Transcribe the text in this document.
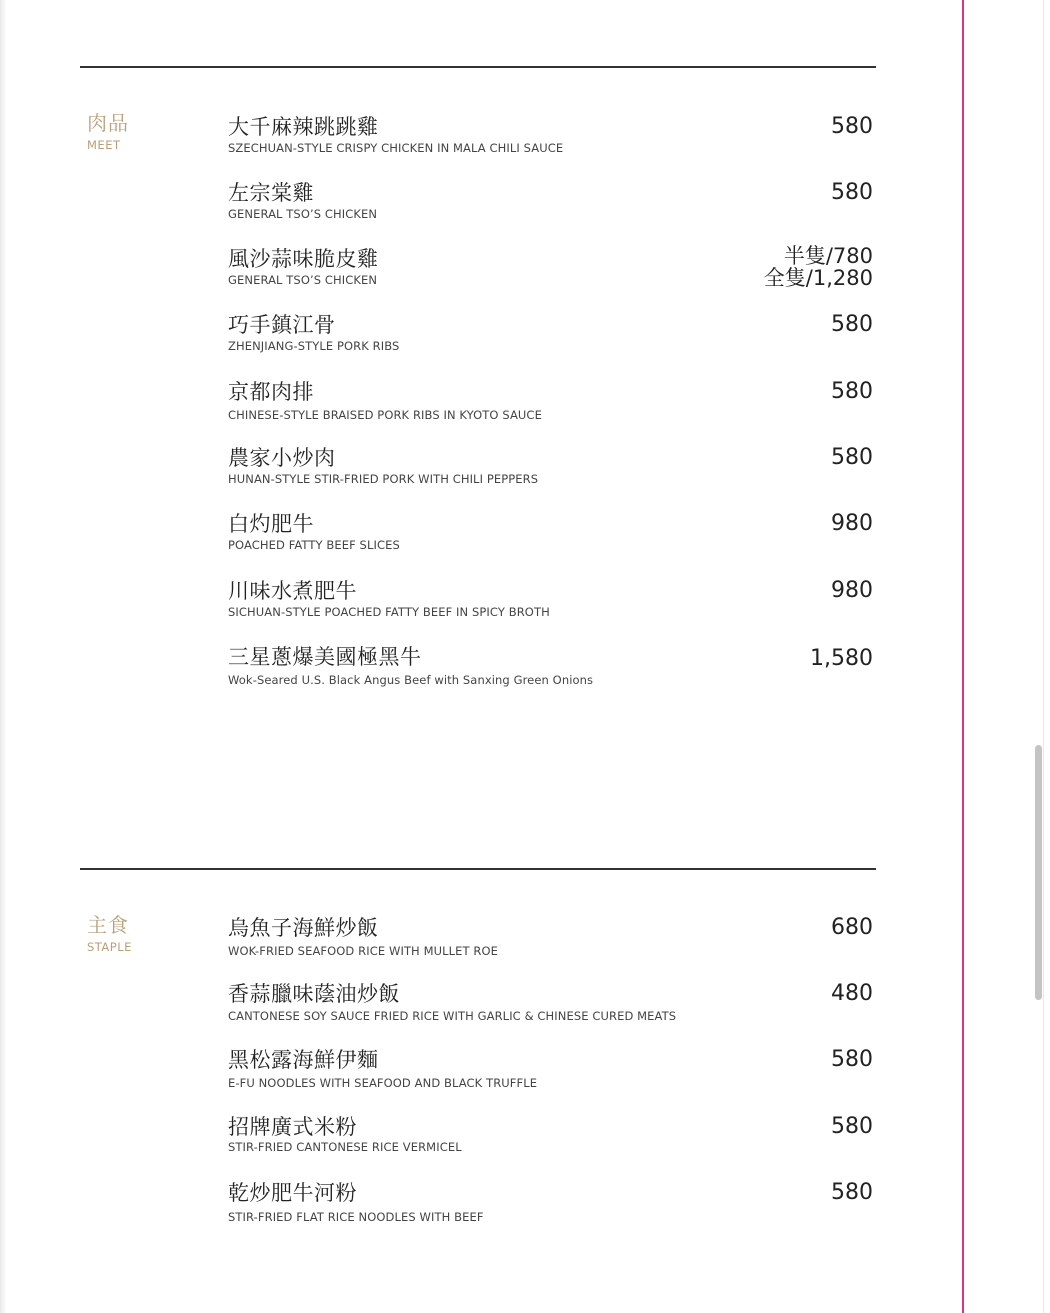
肉品
MEET
大千麻辣跳跳雞
SZECHUAN-STYLE CRISPY CHICKEN IN MALA CHILI SAUCE
580
左宗棠雞
GENERAL TSO’S CHICKEN
580
風沙蒜味脆皮雞
GENERAL TSO’S CHICKEN
半隻/780
全隻/1,280
巧手鎮江骨
ZHENJIANG-STYLE PORK RIBS
580
京都肉排
CHINESE-STYLE BRAISED PORK RIBS IN KYOTO SAUCE
580
農家小炒肉
HUNAN-STYLE STIR-FRIED PORK WITH CHILI PEPPERS
580
白灼肥牛
POACHED FATTY BEEF SLICES
980
川味水煮肥牛
SICHUAN-STYLE POACHED FATTY BEEF IN SPICY BROTH
980
三星蔥爆美國極黑牛
Wok-Seared U.S. Black Angus Beef with Sanxing Green Onions
1,580
主食
STAPLE
烏魚子海鮮炒飯
WOK-FRIED SEAFOOD RICE WITH MULLET ROE
680
香蒜臘味蔭油炒飯
CANTONESE SOY SAUCE FRIED RICE WITH GARLIC & CHINESE CURED MEATS
480
黑松露海鮮伊麵
E-FU NOODLES WITH SEAFOOD AND BLACK TRUFFLE
580
招牌廣式米粉
STIR-FRIED CANTONESE RICE VERMICEL
580
乾炒肥牛河粉
STIR-FRIED FLAT RICE NOODLES WITH BEEF
580
